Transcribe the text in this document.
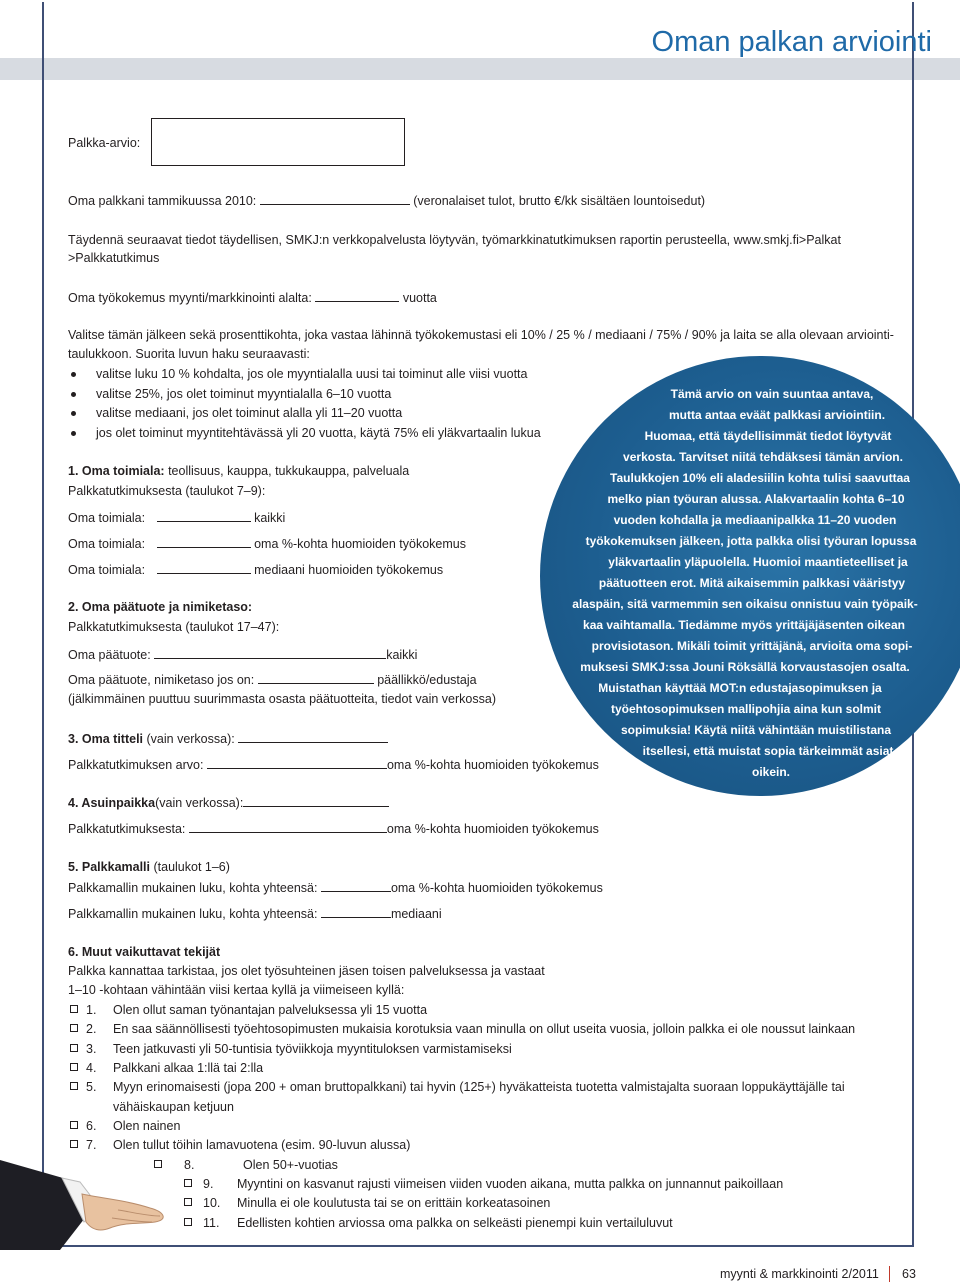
Oman palkan arviointi
Palkka-arvio:
Oma palkkani tammikuussa 2010:	(veronalaiset tulot, brutto €/kk sisältäen lountoisedut)
Täydennä seuraavat tiedot täydellisen, SMKJ:n verkkopalvelusta löytyvän, työmarkkinatutkimuksen raportin perusteella, www.smkj.fi>Palkat
>Palkkatutkimus
Oma työkokemus myynti/markkinointi alalta:	vuotta
Valitse tämän jälkeen sekä prosenttikohta, joka vastaa lähinnä työkokemustasi eli 10% / 25 % / mediaani / 75% / 90% ja laita se alla olevaan arviointi-
taulukkoon. Suorita luvun haku seuraavasti:
valitse luku 10 % kohdalta, jos ole myyntialalla uusi tai toiminut alle viisi vuotta
valitse 25%, jos olet toiminut myyntialalla 6–10 vuotta
valitse mediaani, jos olet toiminut alalla yli 11–20 vuotta
jos olet toiminut myyntitehtävässä yli 20 vuotta, käytä 75% eli yläkvartaalin lukua
Tämä arvio on vain suuntaa antava,
mutta antaa eväät palkkasi arviointiin.
Huomaa, että täydellisimmät tiedot löytyvät
verkosta. Tarvitset niitä tehdäksesi tämän arvion.
Taulukkojen 10% eli aladesiilin kohta tulisi saavuttaa
melko pian työuran alussa. Alakvartaalin kohta 6–10
vuoden kohdalla ja mediaanipalkka 11–20 vuoden
työkokemuksen jälkeen, jotta palkka olisi työuran lopussa
yläkvartaalin yläpuolella. Huomioi maantieteelliset ja
päätuotteen erot. Mitä aikaisemmin palkkasi vääristyy
alaspäin, sitä varmemmin sen oikaisu onnistuu vain työpaik-
kaa vaihtamalla. Tiedämme myös yrittäjäjäsenten oikean
provisiotason. Mikäli toimit yrittäjänä, arvioita oma sopi-
muksesi SMKJ:ssa Jouni Röksällä korvaustasojen osalta.
Muistathan käyttää MOT:n edustajasopimuksen ja
työehtosopimuksen mallipohjia aina kun solmit
sopimuksia! Käytä niitä vähintään muistilistana
itsellesi, että muistat sopia tärkeimmät asiat
oikein.
1. Oma toimiala: teollisuus, kauppa, tukkukauppa, palveluala
Palkkatutkimuksesta (taulukot 7–9):
Oma toimiala:	kaikki
Oma toimiala:	oma %-kohta huomioiden työkokemus
Oma toimiala:	mediaani huomioiden työkokemus
2. Oma päätuote ja nimiketaso:
Palkkatutkimuksesta (taulukot 17–47):
Oma päätuote:	kaikki
Oma päätuote, nimiketaso jos on:	päällikkö/edustaja
(jälkimmäinen puuttuu suurimmasta osasta päätuotteita, tiedot vain verkossa)
3. Oma titteli (vain verkossa):
Palkkatutkimuksen arvo:	oma %-kohta huomioiden työkokemus
4. Asuinpaikka(vain verkossa):
Palkkatutkimuksesta:	oma %-kohta huomioiden työkokemus
5. Palkkamalli (taulukot 1–6)
Palkkamallin mukainen luku, kohta yhteensä:	oma %-kohta huomioiden työkokemus
Palkkamallin mukainen luku, kohta yhteensä:	mediaani
6. Muut vaikuttavat tekijät
Palkka kannattaa tarkistaa, jos olet työsuhteinen jäsen toisen palveluksessa ja vastaat
1–10 -kohtaan vähintään viisi kertaa kyllä ja viimeiseen kyllä:
1. Olen ollut saman työnantajan palveluksessa yli 15 vuotta
2. En saa säännöllisesti työehtosopimusten mukaisia korotuksia vaan minulla on ollut useita vuosia, jolloin palkka ei ole noussut lainkaan
3. Teen jatkuvasti yli 50-tuntisia työviikkoja myyntituloksen varmistamiseksi
4. Palkkani alkaa 1:llä tai 2:lla
5. Myyn erinomaisesti (jopa 200 + oman bruttopalkkani) tai hyvin (125+) hyväkatteista tuotetta valmistajalta suoraan loppukäyttäjälle tai
vähäiskaupan ketjuun
6. Olen nainen
7. Olen tullut töihin lamavuotena (esim. 90-luvun alussa)
8.	Olen 50+-vuotias
9. Myyntini on kasvanut rajusti viimeisen viiden vuoden aikana, mutta palkka on junnannut paikoillaan
10. Minulla ei ole koulutusta tai se on erittäin korkeatasoinen
11. Edellisten kohtien arviossa oma palkka on selkeästi pienempi kuin vertailuluvut
myynti & markkinointi 2/2011 63
